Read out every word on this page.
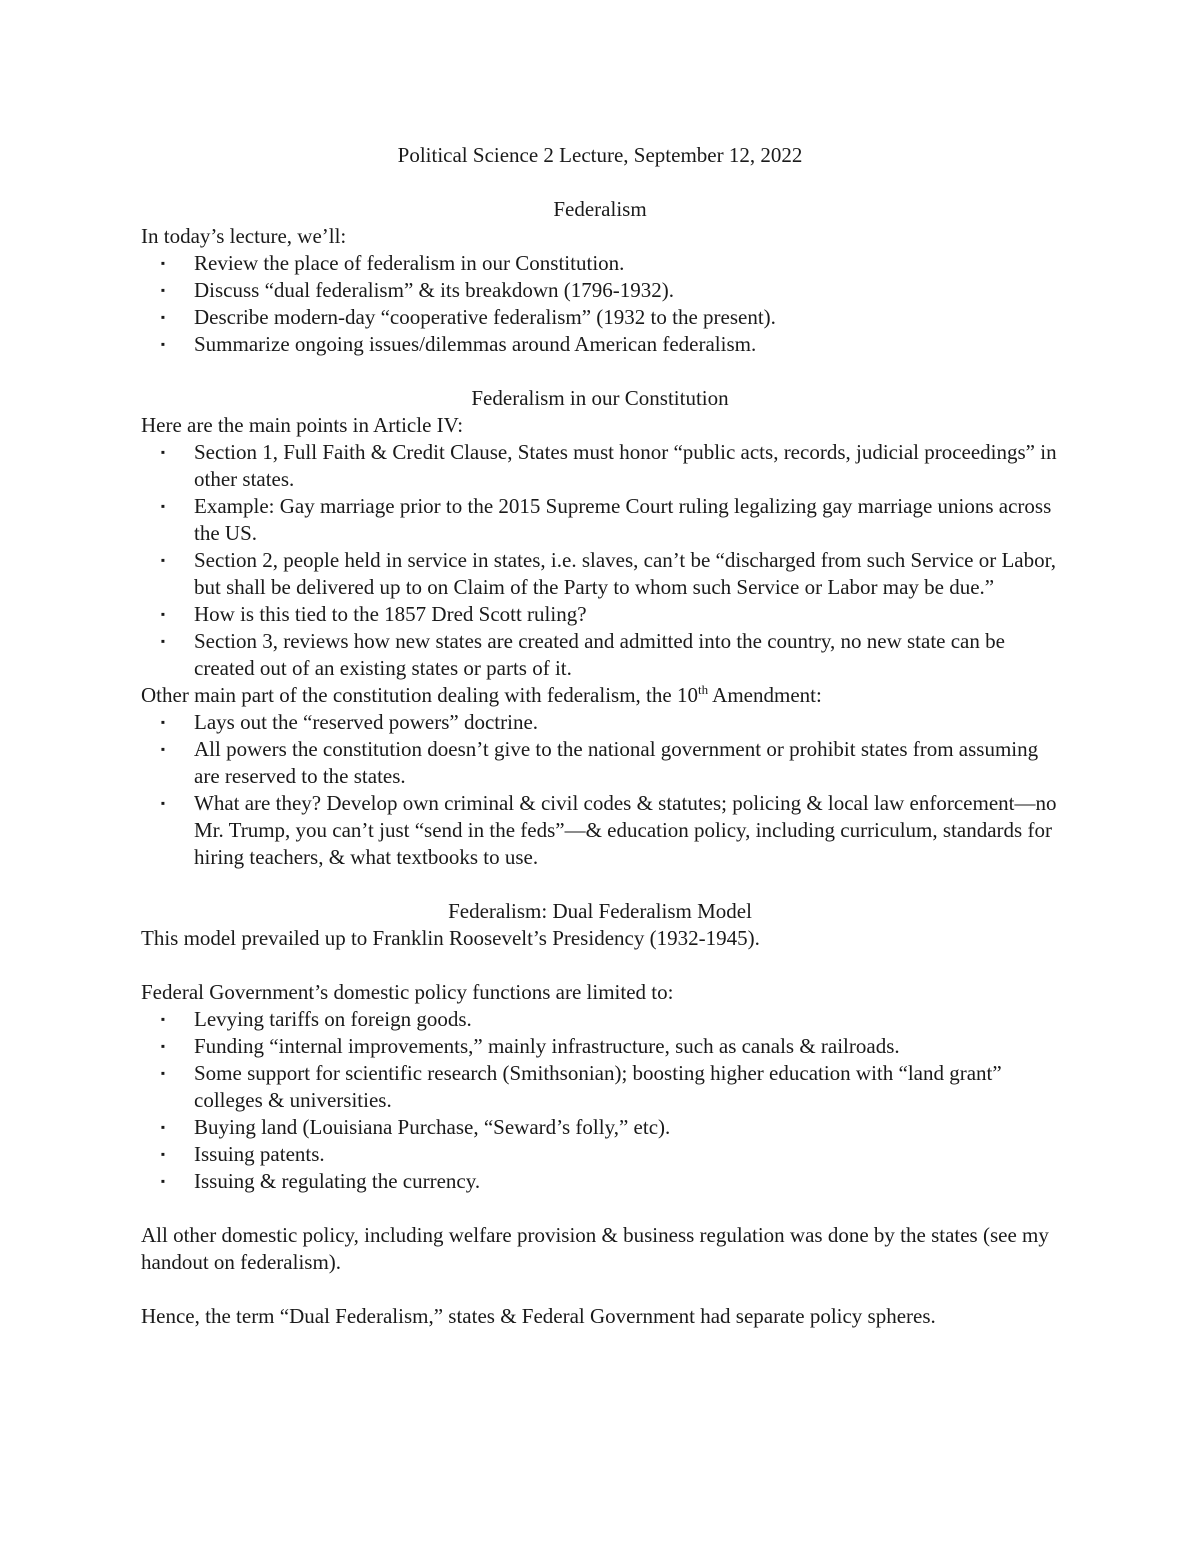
Political Science 2 Lecture, September 12, 2022

Federalism

In today’s lecture, we’ll:

▪ Review the place of federalism in our Constitution.
▪ Discuss “dual federalism” & its breakdown (1796-1932).
▪ Describe modern-day “cooperative federalism” (1932 to the present).
▪ Summarize ongoing issues/dilemmas around American federalism.

Federalism in our Constitution

Here are the main points in Article IV:

▪ Section 1, Full Faith & Credit Clause, States must honor “public acts, records, judicial proceedings” in other states.
▪ Example: Gay marriage prior to the 2015 Supreme Court ruling legalizing gay marriage unions across the US.
▪ Section 2, people held in service in states, i.e. slaves, can’t be “discharged from such Service or Labor, but shall be delivered up to on Claim of the Party to whom such Service or Labor may be due.”
▪ How is this tied to the 1857 Dred Scott ruling?
▪ Section 3, reviews how new states are created and admitted into the country, no new state can be created out of an existing states or parts of it.

Other main part of the constitution dealing with federalism, the 10th Amendment:

▪ Lays out the “reserved powers” doctrine.
▪ All powers the constitution doesn’t give to the national government or prohibit states from assuming are reserved to the states.
▪ What are they? Develop own criminal & civil codes & statutes; policing & local law enforcement—no Mr. Trump, you can’t just “send in the feds”—& education policy, including curriculum, standards for hiring teachers, & what textbooks to use.

Federalism: Dual Federalism Model

This model prevailed up to Franklin Roosevelt’s Presidency (1932-1945).

Federal Government’s domestic policy functions are limited to:

▪ Levying tariffs on foreign goods.
▪ Funding “internal improvements,” mainly infrastructure, such as canals & railroads.
▪ Some support for scientific research (Smithsonian); boosting higher education with “land grant” colleges & universities.
▪ Buying land (Louisiana Purchase, “Seward’s folly,” etc).
▪ Issuing patents.
▪ Issuing & regulating the currency.

All other domestic policy, including welfare provision & business regulation was done by the states (see my handout on federalism).

Hence, the term “Dual Federalism,” states & Federal Government had separate policy spheres.
